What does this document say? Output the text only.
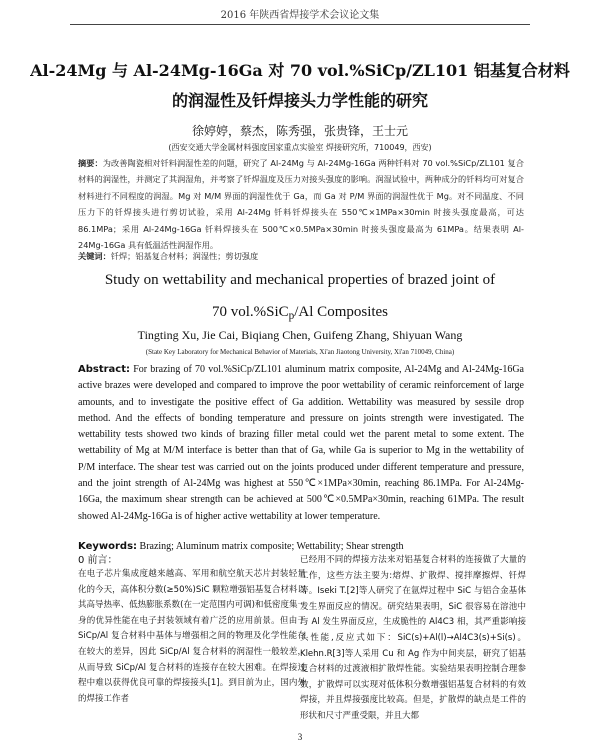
2016 年陕西省焊接学术会议论文集
Al-24Mg 与 Al-24Mg-16Ga 对 70 vol.%SiCp/ZL101 铝基复合材料
的润湿性及钎焊接头力学性能的研究
徐婷婷，蔡杰，陈秀强，张贵锋，王士元
(西安交通大学金属材料强度国家重点实验室 焊接研究所，710049，西安)
摘要：为改善陶瓷相对钎料润湿性差的问题，研究了 Al-24Mg 与 Al-24Mg-16Ga 两种钎料对 70 vol.%SiCp/ZL101 复合材料的润湿性，并测定了其润湿角，并考察了钎焊温度及压力对接头强度的影响。润湿试验中，两种成分的钎料均可对复合材料进行不同程度的润湿。Mg 对 M/M 界面的润湿性优于 Ga，而 Ga 对 P/M 界面的润湿性优于 Mg。对不同温度、不同压力下的钎焊接头进行剪切试验，采用 Al-24Mg 钎料钎焊接头在 550℃×1MPa×30min 时接头强度最高，可达 86.1MPa；采用 Al-24Mg-16Ga 钎料焊接头在 500℃×0.5MPa×30min 时接头强度最高为 61MPa。结果表明 Al-24Mg-16Ga 具有低温活性润湿作用。
关键词：钎焊；铝基复合材料；润湿性；剪切强度
Study on wettability and mechanical properties of brazed joint of
70 vol.%SiC$_p$/Al Composites
Tingting Xu, Jie Cai, Biqiang Chen, Guifeng Zhang, Shiyuan Wang
(State Key Laboratory for Mechanical Behavior of Materials, Xi'an Jiaotong University, Xi'an 710049, China)
Abstract: For brazing of 70 vol.%SiCp/ZL101 aluminum matrix composite, Al-24Mg and Al-24Mg-16Ga active brazes were developed and compared to improve the poor wettability of ceramic reinforcement of large amounts, and to investigate the positive effect of Ga addition. Wettability was measured by sessile drop method. And the effects of bonding temperature and pressure on joints strength were investigated. The wettability tests showed two kinds of brazing filler metal could wet the parent metal to some extent. The wettability of Mg at M/M interface is better than that of Ga, while Ga is superior to Mg in the wettability of P/M interface. The shear test was carried out on the joints produced under different temperature and pressure, and the joint strength of Al-24Mg was highest at 550℃×1MPa×30min, reaching 86.1MPa. For Al-24Mg-16Ga, the maximum shear strength can be achieved at 500℃×0.5MPa×30min, reaching 61MPa. The result showed Al-24Mg-16Ga is of higher active wettability at lower temperature.
Keywords: Brazing; Aluminum matrix composite; Wettability; Shear strength
0 前言：
在电子芯片集成度越来越高、军用和航空航天芯片封装轻量化的今天，高体积分数(≥50%)SiC 颗粒增强铝基复合材料以其高导热率、低热膨胀系数(在一定范围内可调)和低密度集一身的优异性能在电子封装领域有着广泛的应用前景。但由于 SiCp/Al 复合材料中基体与增强相之间的物理及化学性能存在较大的差异，因此 SiCp/Al 复合材料的润湿性一般较差，从而导致 SiCp/Al 复合材料的连接存在较大困难。在焊接过程中难以获得优良可靠的焊接接头[1]。到目前为止，国内外的焊接工作者
已经用不同的焊接方法来对铝基复合材料的连接做了大量的工作，这些方法主要为:熔焊、扩散焊、搅拌摩擦焊、钎焊等。Iseki T.[2]等人研究了在氩焊过程中 SiC 与铝合金基体发生界面反应的情况。研究结果表明，SiC 很容易在溶池中与 Al 发生界面反应，生成脆性的 Al4C3 相，其严重影响接头性能,反应式如下：SiC(s)+Al(l)→Al4C3(s)+Si(s)。Klehn.R[3]等人采用 Cu 和 Ag 作为中间夹层，研究了铝基复合材料的过渡液相扩散焊性能。实验结果表明控制合理参数，扩散焊可以实现对低体积分数增强铝基复合材料的有效焊接，并且焊接强度比较高。但是，扩散焊的缺点是工件的形状和尺寸严重受限，并且大都
3
